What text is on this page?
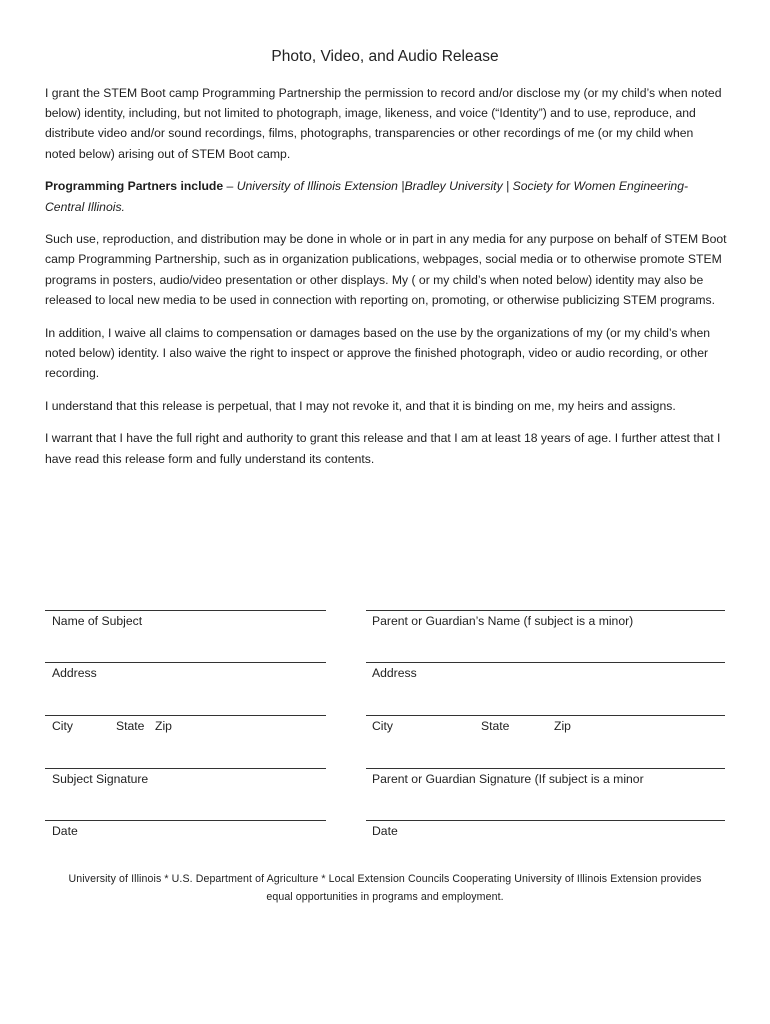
Photo, Video, and Audio Release

I grant the STEM Boot camp Programming Partnership the permission to record and/or disclose my (or my child’s when noted below) identity, including, but not limited to photograph, image, likeness, and voice (“Identity”) and to use, reproduce, and distribute video and/or sound recordings, films, photographs, transparencies or other recordings of me (or my child when noted below) arising out of STEM Boot camp.

Programming Partners include – University of Illinois Extension |Bradley University | Society for Women Engineering-Central Illinois.

Such use, reproduction, and distribution may be done in whole or in part in any media for any purpose on behalf of STEM Boot camp Programming Partnership, such as in organization publications, webpages, social media or to otherwise promote STEM programs in posters, audio/video presentation or other displays. My ( or my child’s when noted below) identity may also be released to local new media to be used in connection with reporting on, promoting, or otherwise publicizing STEM programs.

In addition, I waive all claims to compensation or damages based on the use by the organizations of my (or my child’s when noted below) identity. I also waive the right to inspect or approve the finished photograph, video or audio recording, or other recording.

I understand that this release is perpetual, that I may not revoke it, and that it is binding on me, my heirs and assigns.

I warrant that I have the full right and authority to grant this release and that I am at least 18 years of age. I further attest that I have read this release form and fully understand its contents.

Name of Subject
Address
City	State Zip
Subject Signature
Date
Parent or Guardian’s Name (f subject is a minor)
Address
City	State	Zip
Parent or Guardian Signature (If subject is a minor
Date
University of Illinois * U.S. Department of Agriculture * Local Extension Councils Cooperating University of Illinois Extension provides
equal opportunities in programs and employment.
